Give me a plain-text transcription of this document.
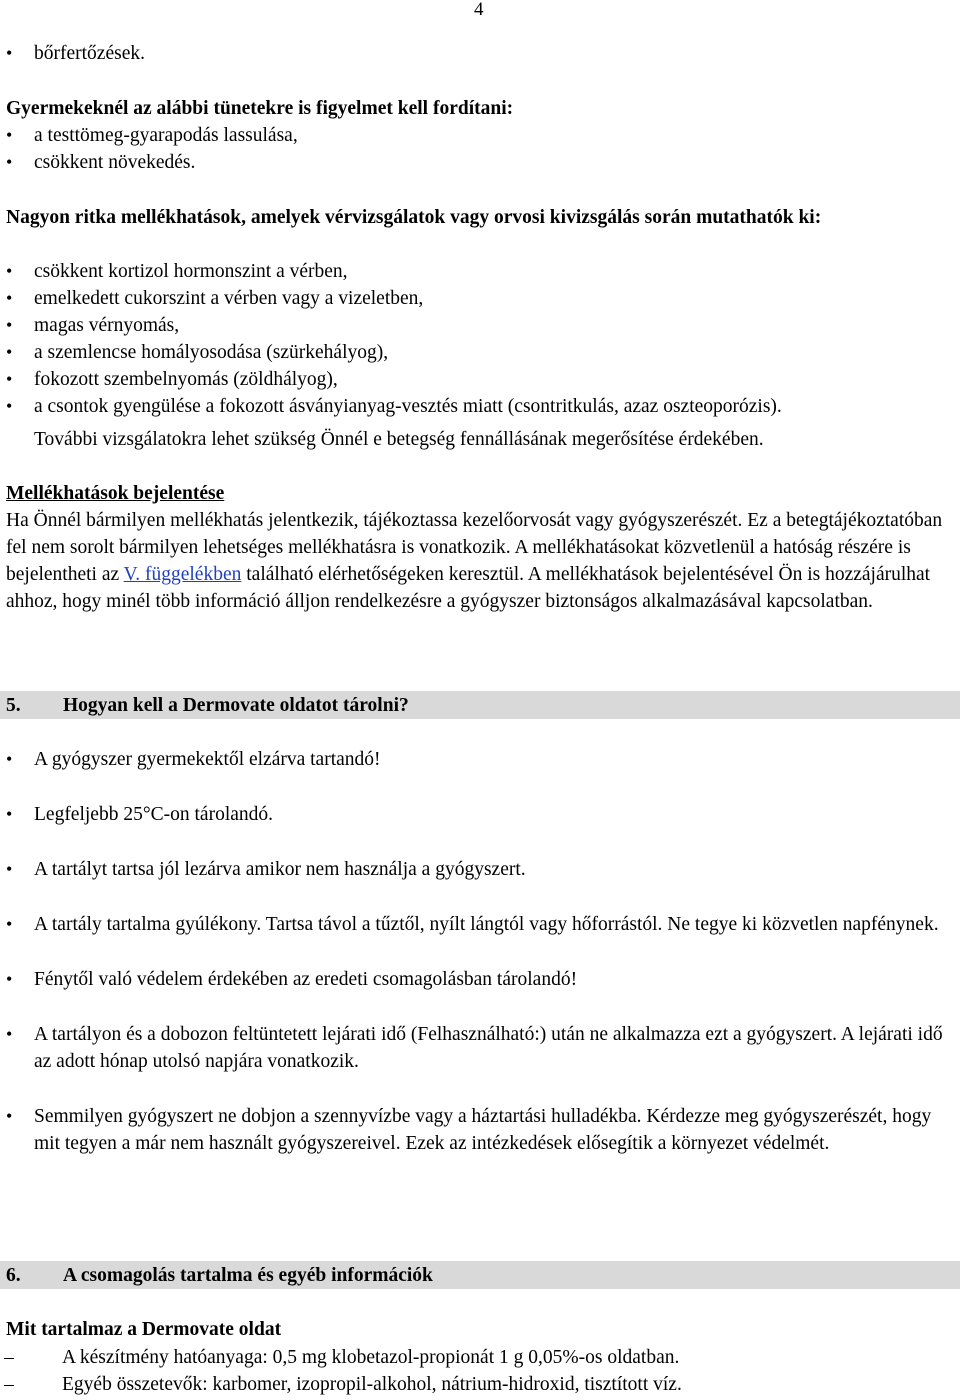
4
• bőrfertőzések.
Gyermekeknél az alábbi tünetekre is figyelmet kell fordítani:
• a testtömeg-gyarapodás lassulása,
• csökkent növekedés.
Nagyon ritka mellékhatások, amelyek vérvizsgálatok vagy orvosi kivizsgálás során mutathatók ki:
• csökkent kortizol hormonszint a vérben,
• emelkedett cukorszint a vérben vagy a vizeletben,
• magas vérnyomás,
• a szemlencse homályosodása (szürkehályog),
• fokozott szembelnyomás (zöldhályog),
• a csontok gyengülése a fokozott ásványianyag-vesztés miatt (csontritkulás, azaz oszteoporózis).
További vizsgálatokra lehet szükség Önnél e betegség fennállásának megerősítése érdekében.
Mellékhatások bejelentése
Ha Önnél bármilyen mellékhatás jelentkezik, tájékoztassa kezelőorvosát vagy gyógyszerészét. Ez a betegtájékoztatóban fel nem sorolt bármilyen lehetséges mellékhatásra is vonatkozik. A mellékhatásokat közvetlenül a hatóság részére is bejelentheti az V. függelékben található elérhetőségeken keresztül. A mellékhatások bejelentésével Ön is hozzájárulhat ahhoz, hogy minél több információ álljon rendelkezésre a gyógyszer biztonságos alkalmazásával kapcsolatban.
5. Hogyan kell a Dermovate oldatot tárolni?
• A gyógyszer gyermekektől elzárva tartandó!
• Legfeljebb 25°C-on tárolandó.
• A tartályt tartsa jól lezárva amikor nem használja a gyógyszert.
• A tartály tartalma gyúlékony. Tartsa távol a tűztől, nyílt lángtól vagy hőforrástól. Ne tegye ki közvetlen napfénynek.
• Fénytől való védelem érdekében az eredeti csomagolásban tárolandó!
• A tartályon és a dobozon feltüntetett lejárati idő (Felhasználható:) után ne alkalmazza ezt a gyógyszert. A lejárati idő az adott hónap utolsó napjára vonatkozik.
• Semmilyen gyógyszert ne dobjon a szennyvízbe vagy a háztartási hulladékba. Kérdezze meg gyógyszerészét, hogy mit tegyen a már nem használt gyógyszereivel. Ezek az intézkedések elősegítik a környezet védelmét.
6. A csomagolás tartalma és egyéb információk
Mit tartalmaz a Dermovate oldat
– A készítmény hatóanyaga: 0,5 mg klobetazol-propionát 1 g 0,05%-os oldatban.
– Egyéb összetevők: karbomer, izopropil-alkohol, nátrium-hidroxid, tisztított víz.
